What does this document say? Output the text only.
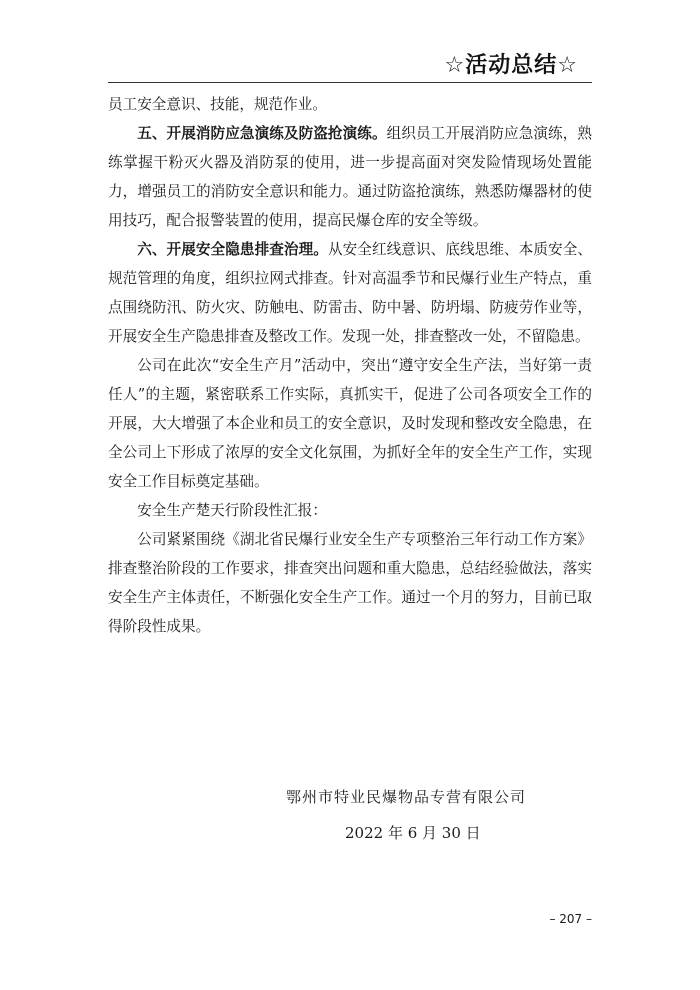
☆活动总结☆

员工安全意识、技能，规范作业。

五、开展消防应急演练及防盗抢演练。组织员工开展消防应急演练，熟练掌握干粉灭火器及消防泵的使用，进一步提高面对突发险情现场处置能力，增强员工的消防安全意识和能力。通过防盗抢演练，熟悉防爆器材的使用技巧，配合报警装置的使用，提高民爆仓库的安全等级。

六、开展安全隐患排查治理。从安全红线意识、底线思维、本质安全、规范管理的角度，组织拉网式排查。针对高温季节和民爆行业生产特点，重点围绕防汛、防火灾、防触电、防雷击、防中暑、防坍塌、防疲劳作业等，开展安全生产隐患排查及整改工作。发现一处，排查整改一处，不留隐患。

公司在此次“安全生产月”活动中，突出“遵守安全生产法，当好第一责任人”的主题，紧密联系工作实际，真抓实干，促进了公司各项安全工作的开展，大大增强了本企业和员工的安全意识，及时发现和整改安全隐患，在全公司上下形成了浓厚的安全文化氛围，为抓好全年的安全生产工作，实现安全工作目标奠定基础。

安全生产楚天行阶段性汇报：

公司紧紧围绕《湖北省民爆行业安全生产专项整治三年行动工作方案》排查整治阶段的工作要求，排查突出问题和重大隐患，总结经验做法，落实安全生产主体责任，不断强化安全生产工作。通过一个月的努力，目前已取得阶段性成果。

鄂州市特业民爆物品专营有限公司
2022 年 6 月 30 日
– 207 –
